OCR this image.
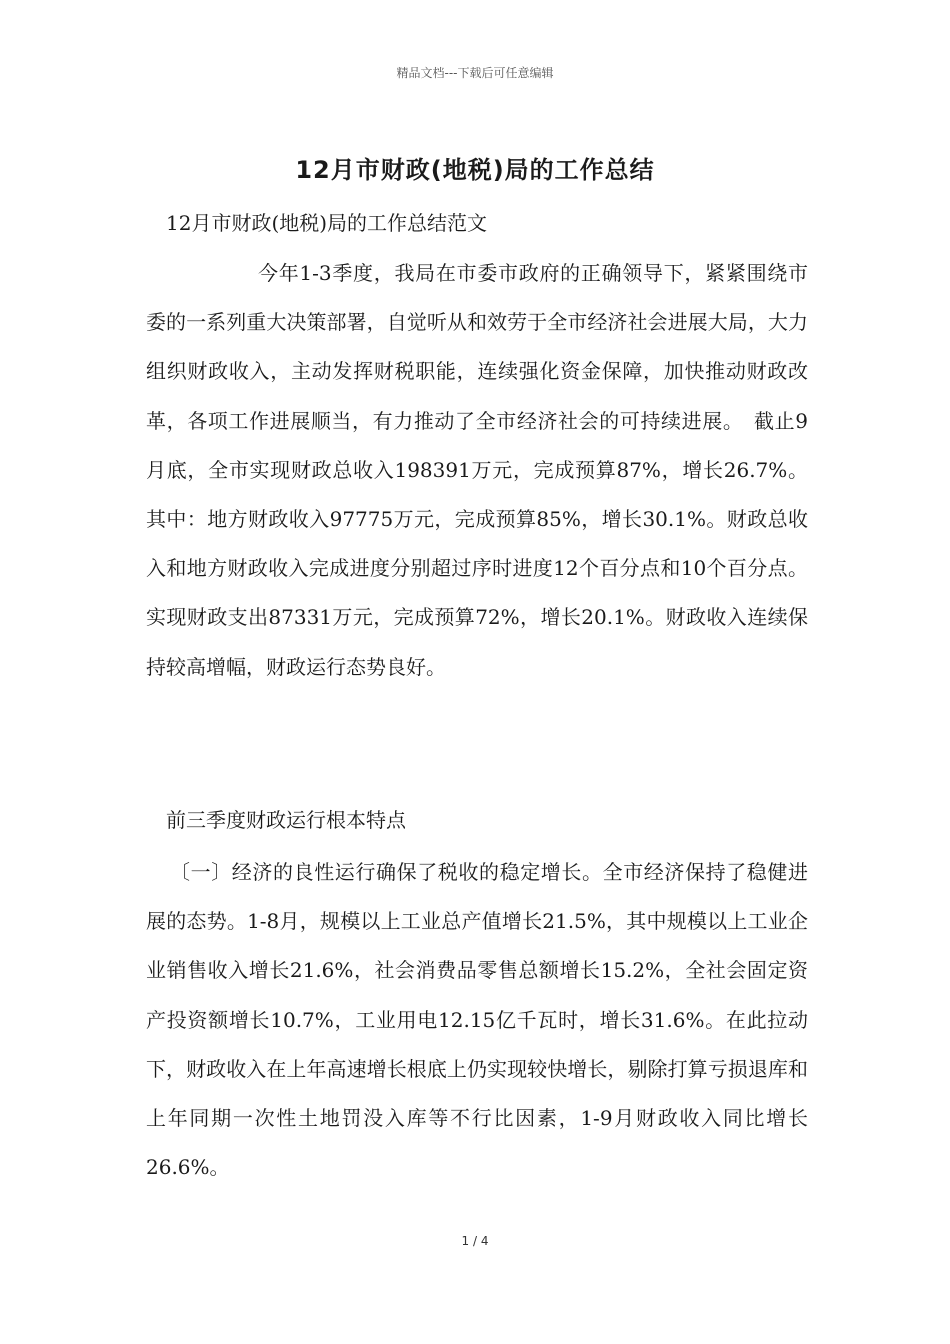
精品文档---下载后可任意编辑
12月市财政(地税)局的工作总结
12月市财政(地税)局的工作总结范文

今年1-3季度，我局在市委市政府的正确领导下，紧紧围绕市委的一系列重大决策部署，自觉听从和效劳于全市经济社会进展大局，大力组织财政收入，主动发挥财税职能，连续强化资金保障，加快推动财政改革，各项工作进展顺当，有力推动了全市经济社会的可持续进展。　截止9月底，全市实现财政总收入198391万元，完成预算87%，增长26.7%。其中：地方财政收入97775万元，完成预算85%，增长30.1%。财政总收入和地方财政收入完成进度分别超过序时进度12个百分点和10个百分点。实现财政支出87331万元，完成预算72%，增长20.1%。财政收入连续保持较高增幅，财政运行态势良好。

前三季度财政运行根本特点

〔一〕经济的良性运行确保了税收的稳定增长。全市经济保持了稳健进展的态势。1-8月，规模以上工业总产值增长21.5%，其中规模以上工业企业销售收入增长21.6%，社会消费品零售总额增长15.2%，全社会固定资产投资额增长10.7%，工业用电12.15亿千瓦时，增长31.6%。在此拉动下，财政收入在上年高速增长根底上仍实现较快增长，剔除打算亏损退库和上年同期一次性土地罚没入库等不行比因素，1-9月财政收入同比增长26.6%。

1 / 4
